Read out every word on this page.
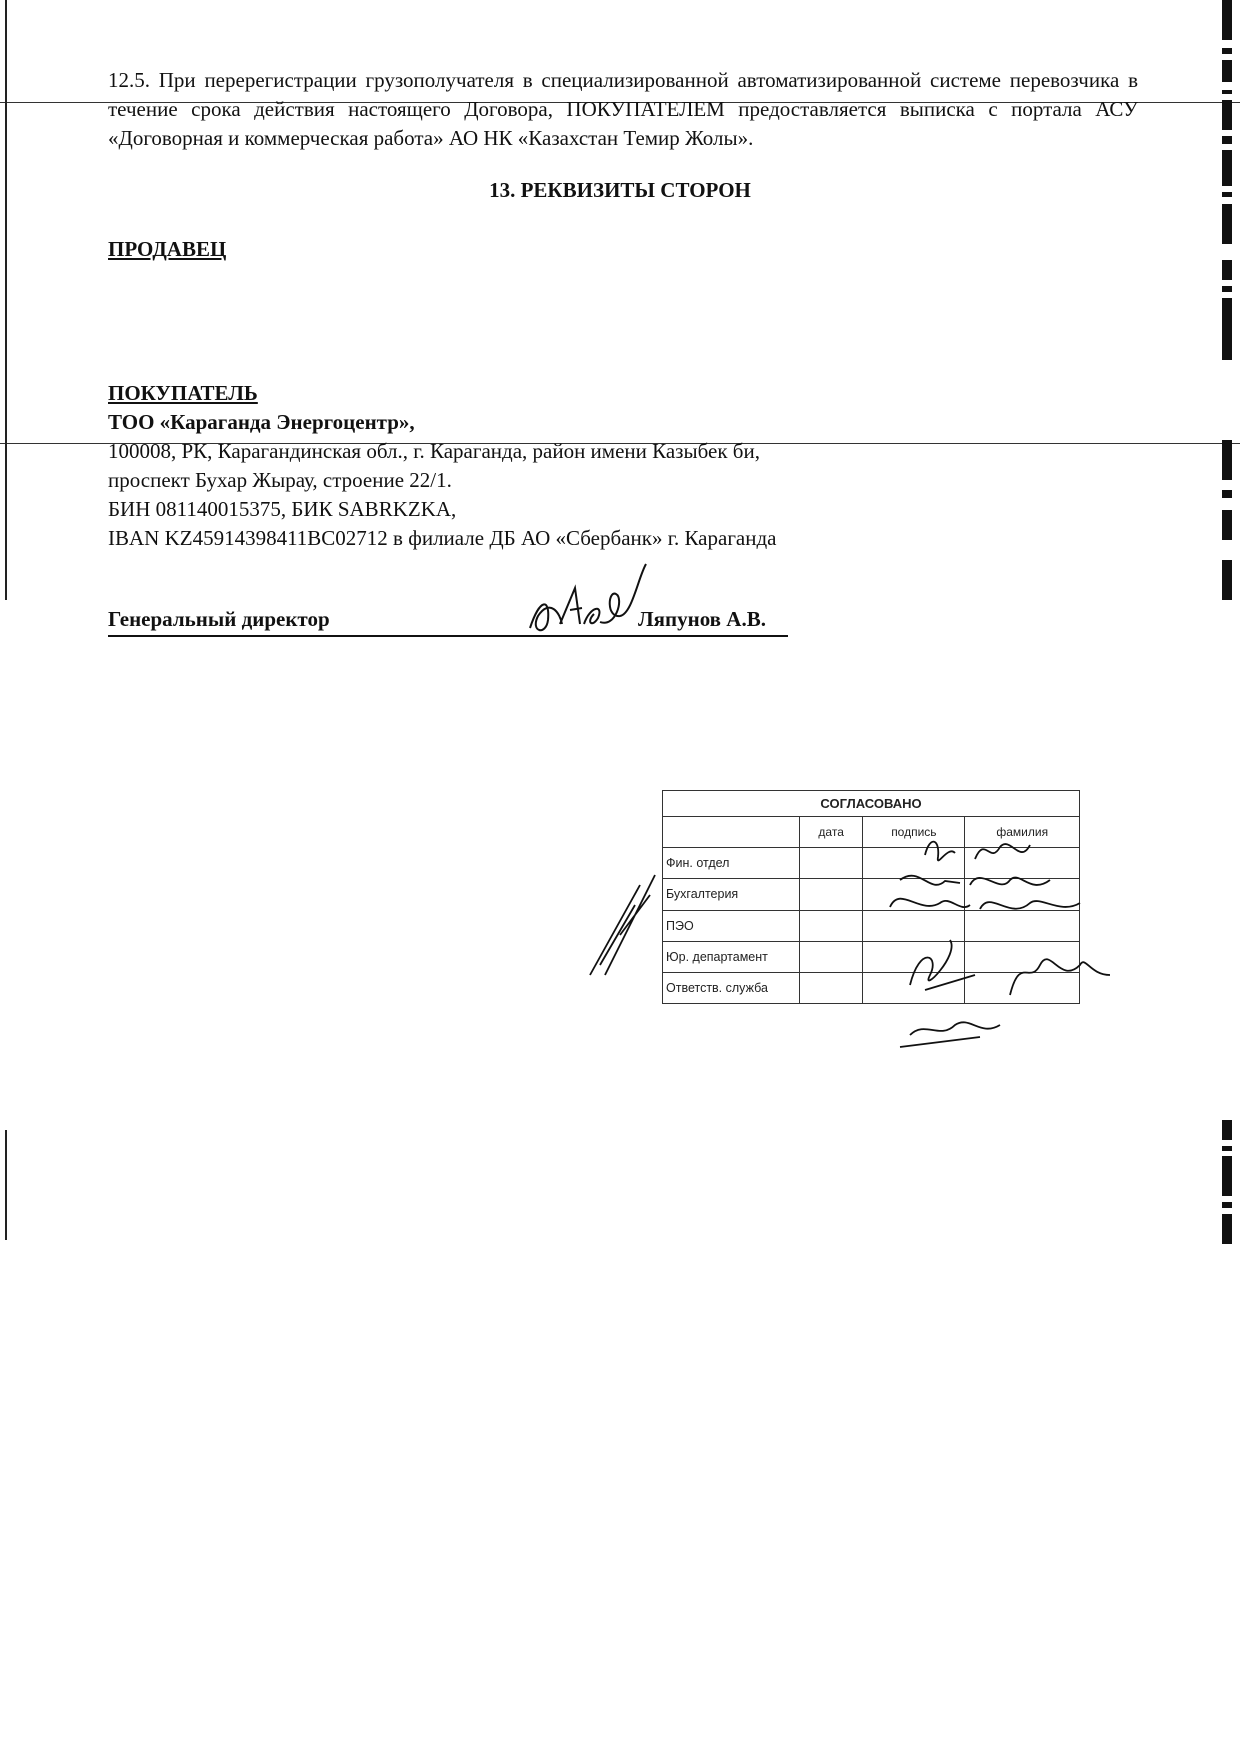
12.5. При перерегистрации грузополучателя в специализированной автоматизированной системе перевозчика в течение срока действия настоящего Договора, ПОКУПАТЕЛЕМ предоставляется выписка с портала АСУ «Договорная и коммерческая работа» АО НК «Казахстан Темир Жолы».
13. РЕКВИЗИТЫ СТОРОН
ПРОДАВЕЦ
ПОКУПАТЕЛЬ
ТОО «Караганда Энергоцентр»,
100008, РК, Карагандинская обл., г. Караганда, район имени Казыбек би,
проспект Бухар Жырау, строение 22/1.
БИН 081140015375, БИК SABRKZKA,
IBAN KZ45914398411BC02712 в филиале ДБ АО «Сбербанк» г. Караганда
Генеральный директор	Ляпунов А.В.
СОГЛАСОВАНО			
	дата	подпись	фамилия
Фин. отдел			
Бухгалтерия			
ПЭО			
Юр. департамент			
Ответств. служба			
